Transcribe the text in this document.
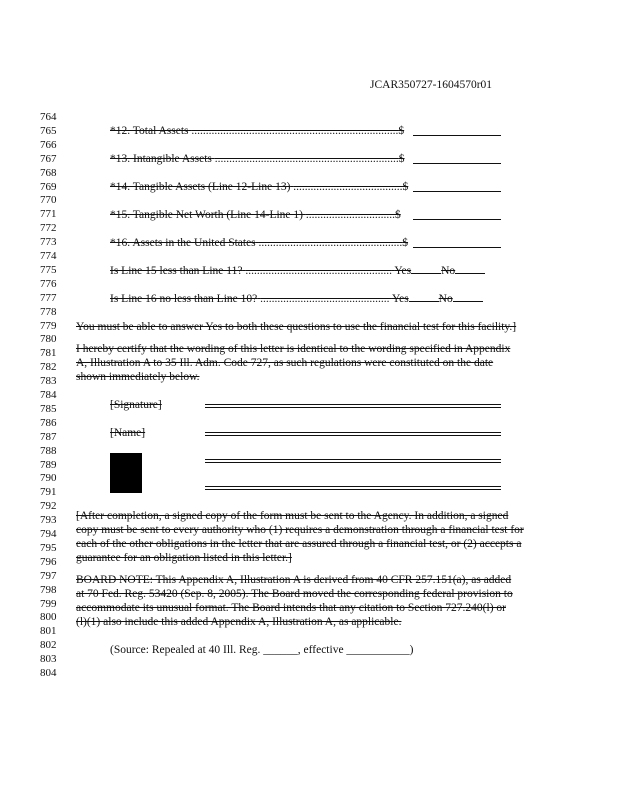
JCAR350727-1604570r01
764
765
766
767
768
769
770
771
772
773
774
775
776
777
778
779
780
781
782
783
784
785
786
787
788
789
790
791
792
793
794
795
796
797
798
799
800
801
802
803
804
*12. Total Assets ........................................................................$
*13. Intangible Assets ................................................................$
*14. Tangible Assets (Line 12-Line 13) ......................................$
*15. Tangible Net Worth (Line 14-Line 1) ...............................$
*16. Assets in the United States ..................................................$
Is Line 15 less than Line 11? ................................................... Yes	No
Is Line 16 no less than Line 10? ............................................. Yes	No
You must be able to answer Yes to both these questions to use the financial test for this facility.]
I hereby certify that the wording of this letter is identical to the wording specified in Appendix
A, Illustration A to 35 Ill. Adm. Code 727, as such regulations were constituted on the date
shown immediately below.
[Signature]
[Name]
[After completion, a signed copy of the form must be sent to the Agency. In addition, a signed
copy must be sent to every authority who (1) requires a demonstration through a financial test for
each of the other obligations in the letter that are assured through a financial test, or (2) accepts a
guarantee for an obligation listed in this letter.]
BOARD NOTE: This Appendix A, Illustration A is derived from 40 CFR 257.151(a), as added
at 70 Fed. Reg. 53420 (Sep. 8, 2005). The Board moved the corresponding federal provision to
accommodate its unusual format. The Board intends that any citation to Section 727.240(l) or
(l)(1) also include this added Appendix A, Illustration A, as applicable.
(Source: Repealed at 40 Ill. Reg. ______, effective ___________)
